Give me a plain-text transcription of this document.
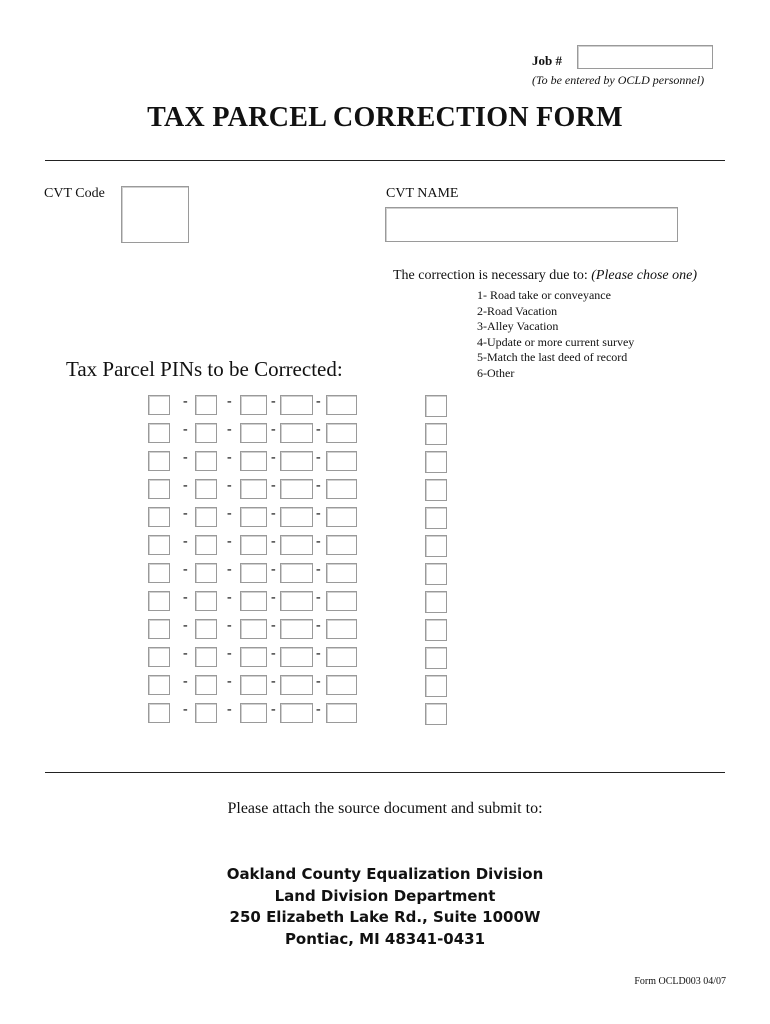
Job #
(To be entered by OCLD personnel)
TAX PARCEL CORRECTION FORM
CVT Code	CVT NAME
The correction is necessary due to: (Please chose one)
1- Road take or conveyance
2-Road Vacation
3-Alley Vacation
4-Update or more current survey
5-Match the last deed of record
6-Other
Tax Parcel PINs to be Corrected:
-	-	-	-
-	-	-	-
-	-	-	-
-	-	-	-
-	-	-	-
-	-	-	-
-	-	-	-
-	-	-	-
-	-	-	-
-	-	-	-
-	-	-	-
-	-	-	-
Please attach the source document and submit to:
Oakland County Equalization Division
Land Division Department
250 Elizabeth Lake Rd., Suite 1000W
Pontiac, MI 48341-0431
Form OCLD003 04/07
